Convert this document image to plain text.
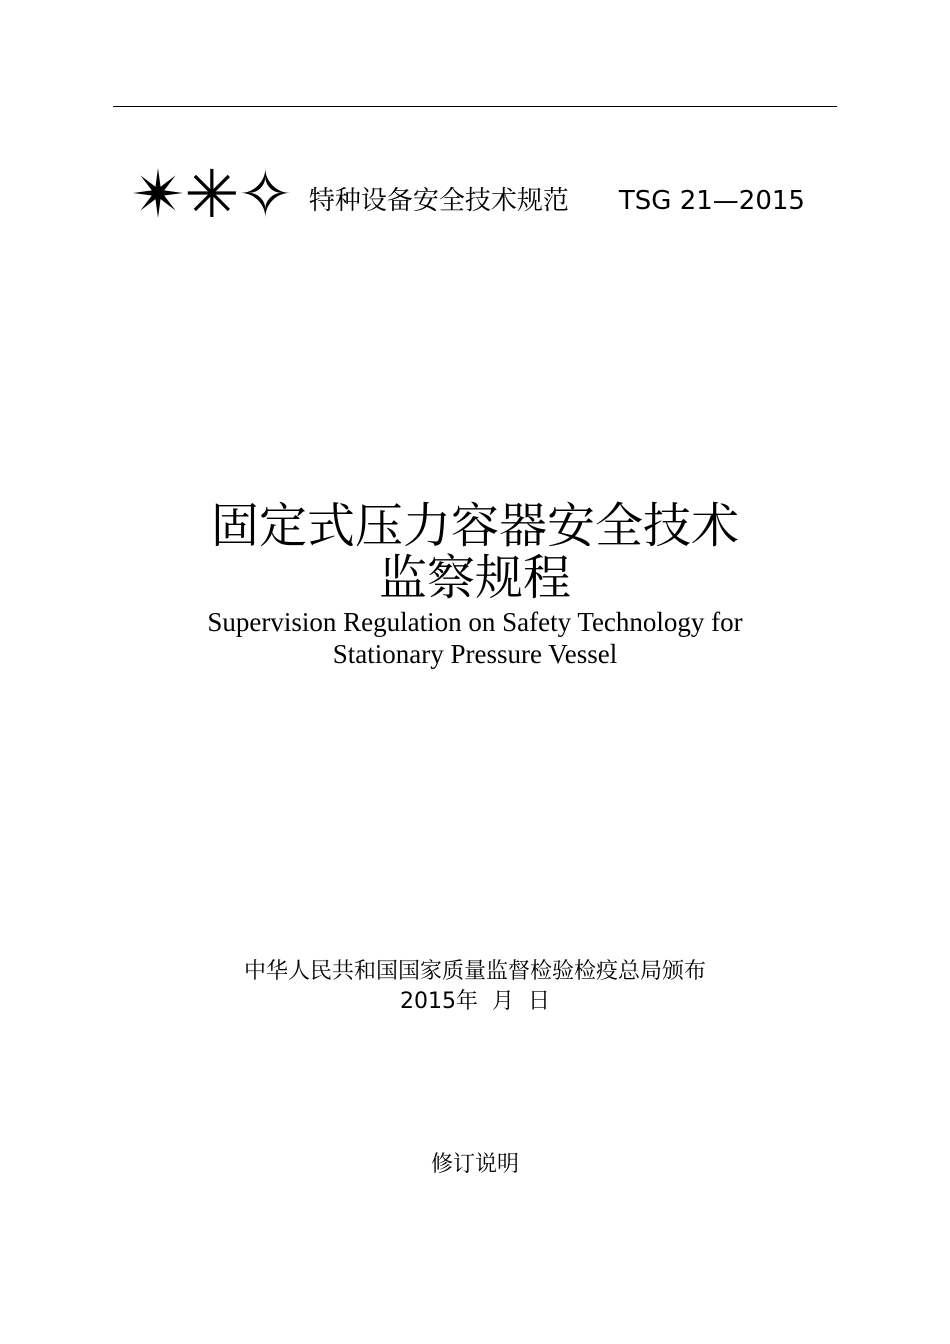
✴✳✧ 特种设备安全技术规范 TSG 21—2015
固定式压力容器安全技术
监察规程
Supervision Regulation on Safety Technology for
Stationary Pressure Vessel
中华人民共和国国家质量监督检验检疫总局颁布
2015年  月  日
修订说明
